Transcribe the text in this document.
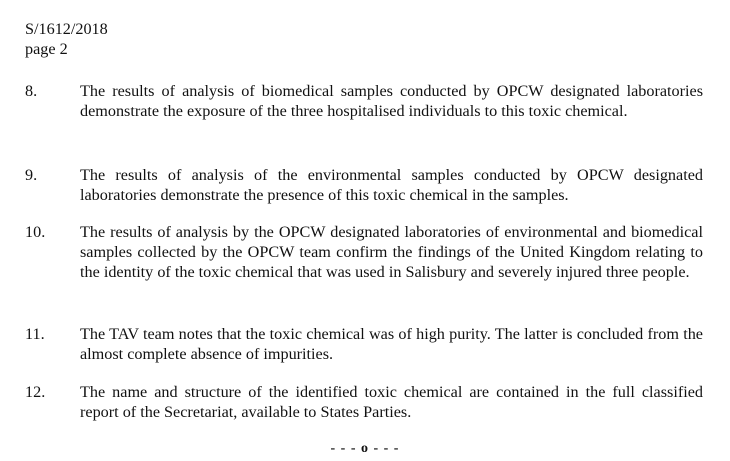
S/1612/2018
page 2
8.	The results of analysis of biomedical samples conducted by OPCW designated laboratories demonstrate the exposure of the three hospitalised individuals to this toxic chemical.
9.	The results of analysis of the environmental samples conducted by OPCW designated laboratories demonstrate the presence of this toxic chemical in the samples.
10. The results of analysis by the OPCW designated laboratories of environmental and biomedical samples collected by the OPCW team confirm the findings of the United Kingdom relating to the identity of the toxic chemical that was used in Salisbury and severely injured three people.
11. The TAV team notes that the toxic chemical was of high purity. The latter is concluded from the almost complete absence of impurities.
12. The name and structure of the identified toxic chemical are contained in the full classified report of the Secretariat, available to States Parties.
- - - o - - -
